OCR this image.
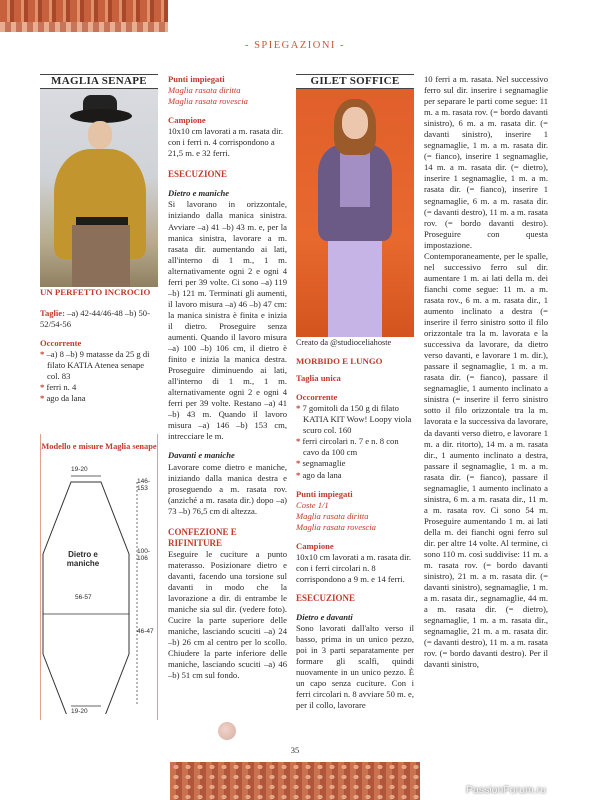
- SPIEGAZIONI -
MAGLIA SENAPE
UN PERFETTO INCROCIO
Taglie: –a) 42-44/46-48 –b) 50-52/54-56
Occorrente
* –a) 8 –b) 9 matasse da 25 g di filato KATIA Atenea senape col. 83
* ferri n. 4
* ago da lana
Modello e misure Maglia senape
19-20
146-153
Dietro e maniche
100-106
56-57
46-47
19-20
Punti impiegati
Maglia rasata diritta
Maglia rasata rovescia
Campione

10x10 cm lavorati a m. rasata dir. con i ferri n. 4 corrispondono a 21,5 m. e 32 ferri.

ESECUZIONE
Dietro e maniche

Si lavorano in orizzontale, iniziando dalla manica sinistra. Avviare –a) 41 –b) 43 m. e, per la manica sinistra, lavorare a m. rasata dir. aumentando ai lati, all'interno di 1 m., 1 m. alternativamente ogni 2 e ogni 4 ferri per 39 volte. Ci sono –a) 119 –b) 121 m. Terminati gli aumenti, il lavoro misura –a) 46 –b) 47 cm: la manica sinistra è finita e inizia il dietro. Proseguire senza aumenti. Quando il lavoro misura –a) 100 –b) 106 cm, il dietro è finito e inizia la manica destra. Proseguire diminuendo ai lati, all'interno di 1 m., 1 m. alternativamente ogni 2 e ogni 4 ferri per 39 volte. Restano –a) 41 –b) 43 m. Quando il lavoro misura –a) 146 –b) 153 cm, intrecciare le m.

Davanti e maniche

Lavorare come dietro e maniche, iniziando dalla manica destra e proseguendo a m. rasata rov. (anziché a m. rasata dir.) dopo –a) 73 –b) 76,5 cm di altezza.

CONFEZIONE E RIFINITURE

Eseguire le cuciture a punto materasso. Posizionare dietro e davanti, facendo una torsione sul davanti in modo che la lavorazione a dir. di entrambe le maniche sia sul dir. (vedere foto). Cucire la parte superiore delle maniche, lasciando scuciti –a) 24 –b) 26 cm al centro per lo scollo. Chiudere la parte inferiore delle maniche, lasciando scuciti –a) 46 –b) 51 cm sul fondo.

GILET SOFFICE
Creato da @studioceliahoste
MORBIDO E LUNGO
Taglia unica
Occorrente
* 7 gomitoli da 150 g di filato KATIA KIT Wow! Loopy viola scuro col. 160
* ferri circolari n. 7 e n. 8 con cavo da 100 cm
* segnamaglie
* ago da lana
Punti impiegati
Coste 1/1
Maglia rasata diritta
Maglia rasata rovescia
Campione

10x10 cm lavorati a m. rasata dir. con i ferri circolari n. 8 corrispondono a 9 m. e 14 ferri.

ESECUZIONE
Dietro e davanti

Sono lavorati dall'alto verso il basso, prima in un unico pezzo, poi in 3 parti separatamente per formare gli scalfi, quindi nuovamente in un unico pezzo. È un capo senza cuciture. Con i ferri circolari n. 8 avviare 50 m. e, per il collo, lavorare

10 ferri a m. rasata. Nel successivo ferro sul dir. inserire i segnamaglie per separare le parti come segue: 11 m. a m. rasata rov. (= bordo davanti sinistro), 6 m. a m. rasata dir. (= davanti sinistro), inserire 1 segnamaglie, 1 m. a m. rasata dir. (= fianco), inserire 1 segnamaglie, 14 m. a m. rasata dir. (= dietro), inserire 1 segnamaglie, 1 m. a m. rasata dir. (= fianco), inserire 1 segnamaglie, 6 m. a m. rasata dir. (= davanti destro), 11 m. a m. rasata rov. (= bordo davanti destro). Proseguire con questa impostazione. Contemporaneamente, per le spalle, nel successivo ferro sul dir. aumentare 1 m. ai lati della m. dei fianchi come segue: 11 m. a m. rasata rov., 6 m. a m. rasata dir., 1 aumento inclinato a destra (= inserire il ferro sinistro sotto il filo orizzontale tra la m. lavorata e la successiva da lavorare, da dietro verso davanti, e lavorare 1 m. dir.), passare il segnamaglie, 1 m. a m. rasata dir. (= fianco), passare il segnamaglie, 1 aumento inclinato a sinistra (= inserire il ferro sinistro sotto il filo orizzontale tra la m. lavorata e la successiva da lavorare, da davanti verso dietro, e lavorare 1 m. a dir. ritorto), 14 m. a m. rasata dir., 1 aumento inclinato a destra, passare il segnamaglie, 1 m. a m. rasata dir. (= fianco), passare il segnamaglie, 1 aumento inclinato a sinistra, 6 m. a m. rasata dir., 11 m. a m. rasata rov. Ci sono 54 m. Proseguire aumentando 1 m. ai lati della m. dei fianchi ogni ferro sul dir. per altre 14 volte. Al termine, ci sono 110 m. così suddivise: 11 m. a m. rasata rov. (= bordo davanti sinistro), 21 m. a m. rasata dir. (= davanti sinistro), segnamaglie, 1 m. a m. rasata dir., segnamaglie, 44 m. a m. rasata dir. (= dietro), segnamaglie, 1 m. a m. rasata dir., segnamaglie, 21 m. a m. rasata dir. (= davanti destro), 11 m. a m. rasata rov. (= bordo davanti destro). Per il davanti sinistro,

35
PassionForum.ru
